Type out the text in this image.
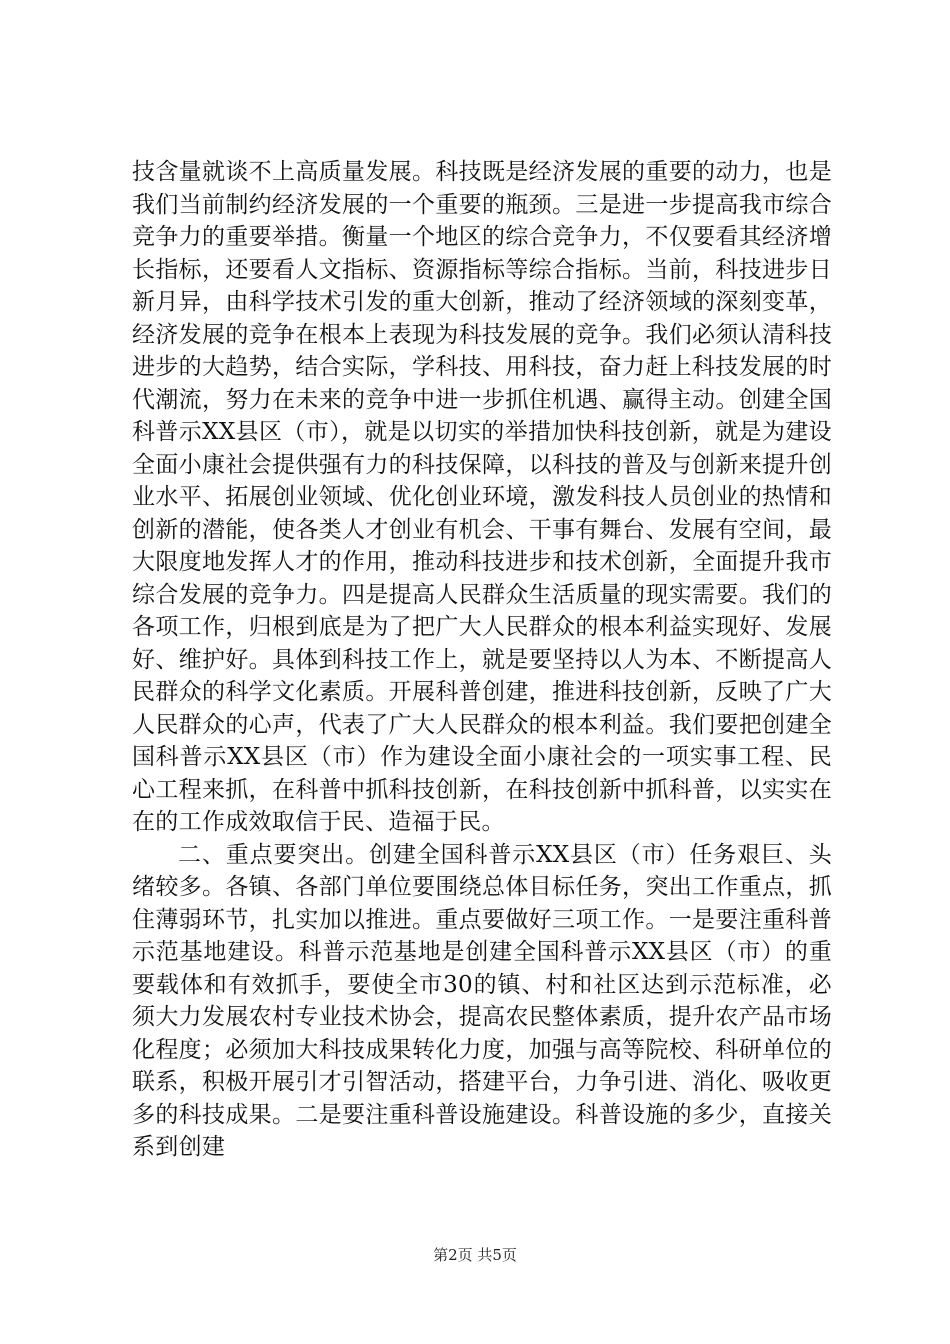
技含量就谈不上高质量发展。科技既是经济发展的重要的动力，也是我们当前制约经济发展的一个重要的瓶颈。三是进一步提高我市综合竞争力的重要举措。衡量一个地区的综合竞争力，不仅要看其经济增长指标，还要看人文指标、资源指标等综合指标。当前，科技进步日新月异，由科学技术引发的重大创新，推动了经济领域的深刻变革，经济发展的竞争在根本上表现为科技发展的竞争。我们必须认清科技进步的大趋势，结合实际，学科技、用科技，奋力赶上科技发展的时代潮流，努力在未来的竞争中进一步抓住机遇、赢得主动。创建全国科普示XX县区（市），就是以切实的举措加快科技创新，就是为建设全面小康社会提供强有力的科技保障，以科技的普及与创新来提升创业水平、拓展创业领域、优化创业环境，激发科技人员创业的热情和创新的潜能，使各类人才创业有机会、干事有舞台、发展有空间，最大限度地发挥人才的作用，推动科技进步和技术创新，全面提升我市综合发展的竞争力。四是提高人民群众生活质量的现实需要。我们的各项工作，归根到底是为了把广大人民群众的根本利益实现好、发展好、维护好。具体到科技工作上，就是要坚持以人为本、不断提高人民群众的科学文化素质。开展科普创建，推进科技创新，反映了广大人民群众的心声，代表了广大人民群众的根本利益。我们要把创建全国科普示XX县区（市）作为建设全面小康社会的一项实事工程、民心工程来抓，在科普中抓科技创新，在科技创新中抓科普，以实实在在的工作成效取信于民、造福于民。

二、重点要突出。创建全国科普示XX县区（市）任务艰巨、头绪较多。各镇、各部门单位要围绕总体目标任务，突出工作重点，抓住薄弱环节，扎实加以推进。重点要做好三项工作。一是要注重科普示范基地建设。科普示范基地是创建全国科普示XX县区（市）的重要载体和有效抓手，要使全市30的镇、村和社区达到示范标准，必须大力发展农村专业技术协会，提高农民整体素质，提升农产品市场化程度；必须加大科技成果转化力度，加强与高等院校、科研单位的联系，积极开展引才引智活动，搭建平台，力争引进、消化、吸收更多的科技成果。二是要注重科普设施建设。科普设施的多少，直接关系到创建

第2页 共5页
